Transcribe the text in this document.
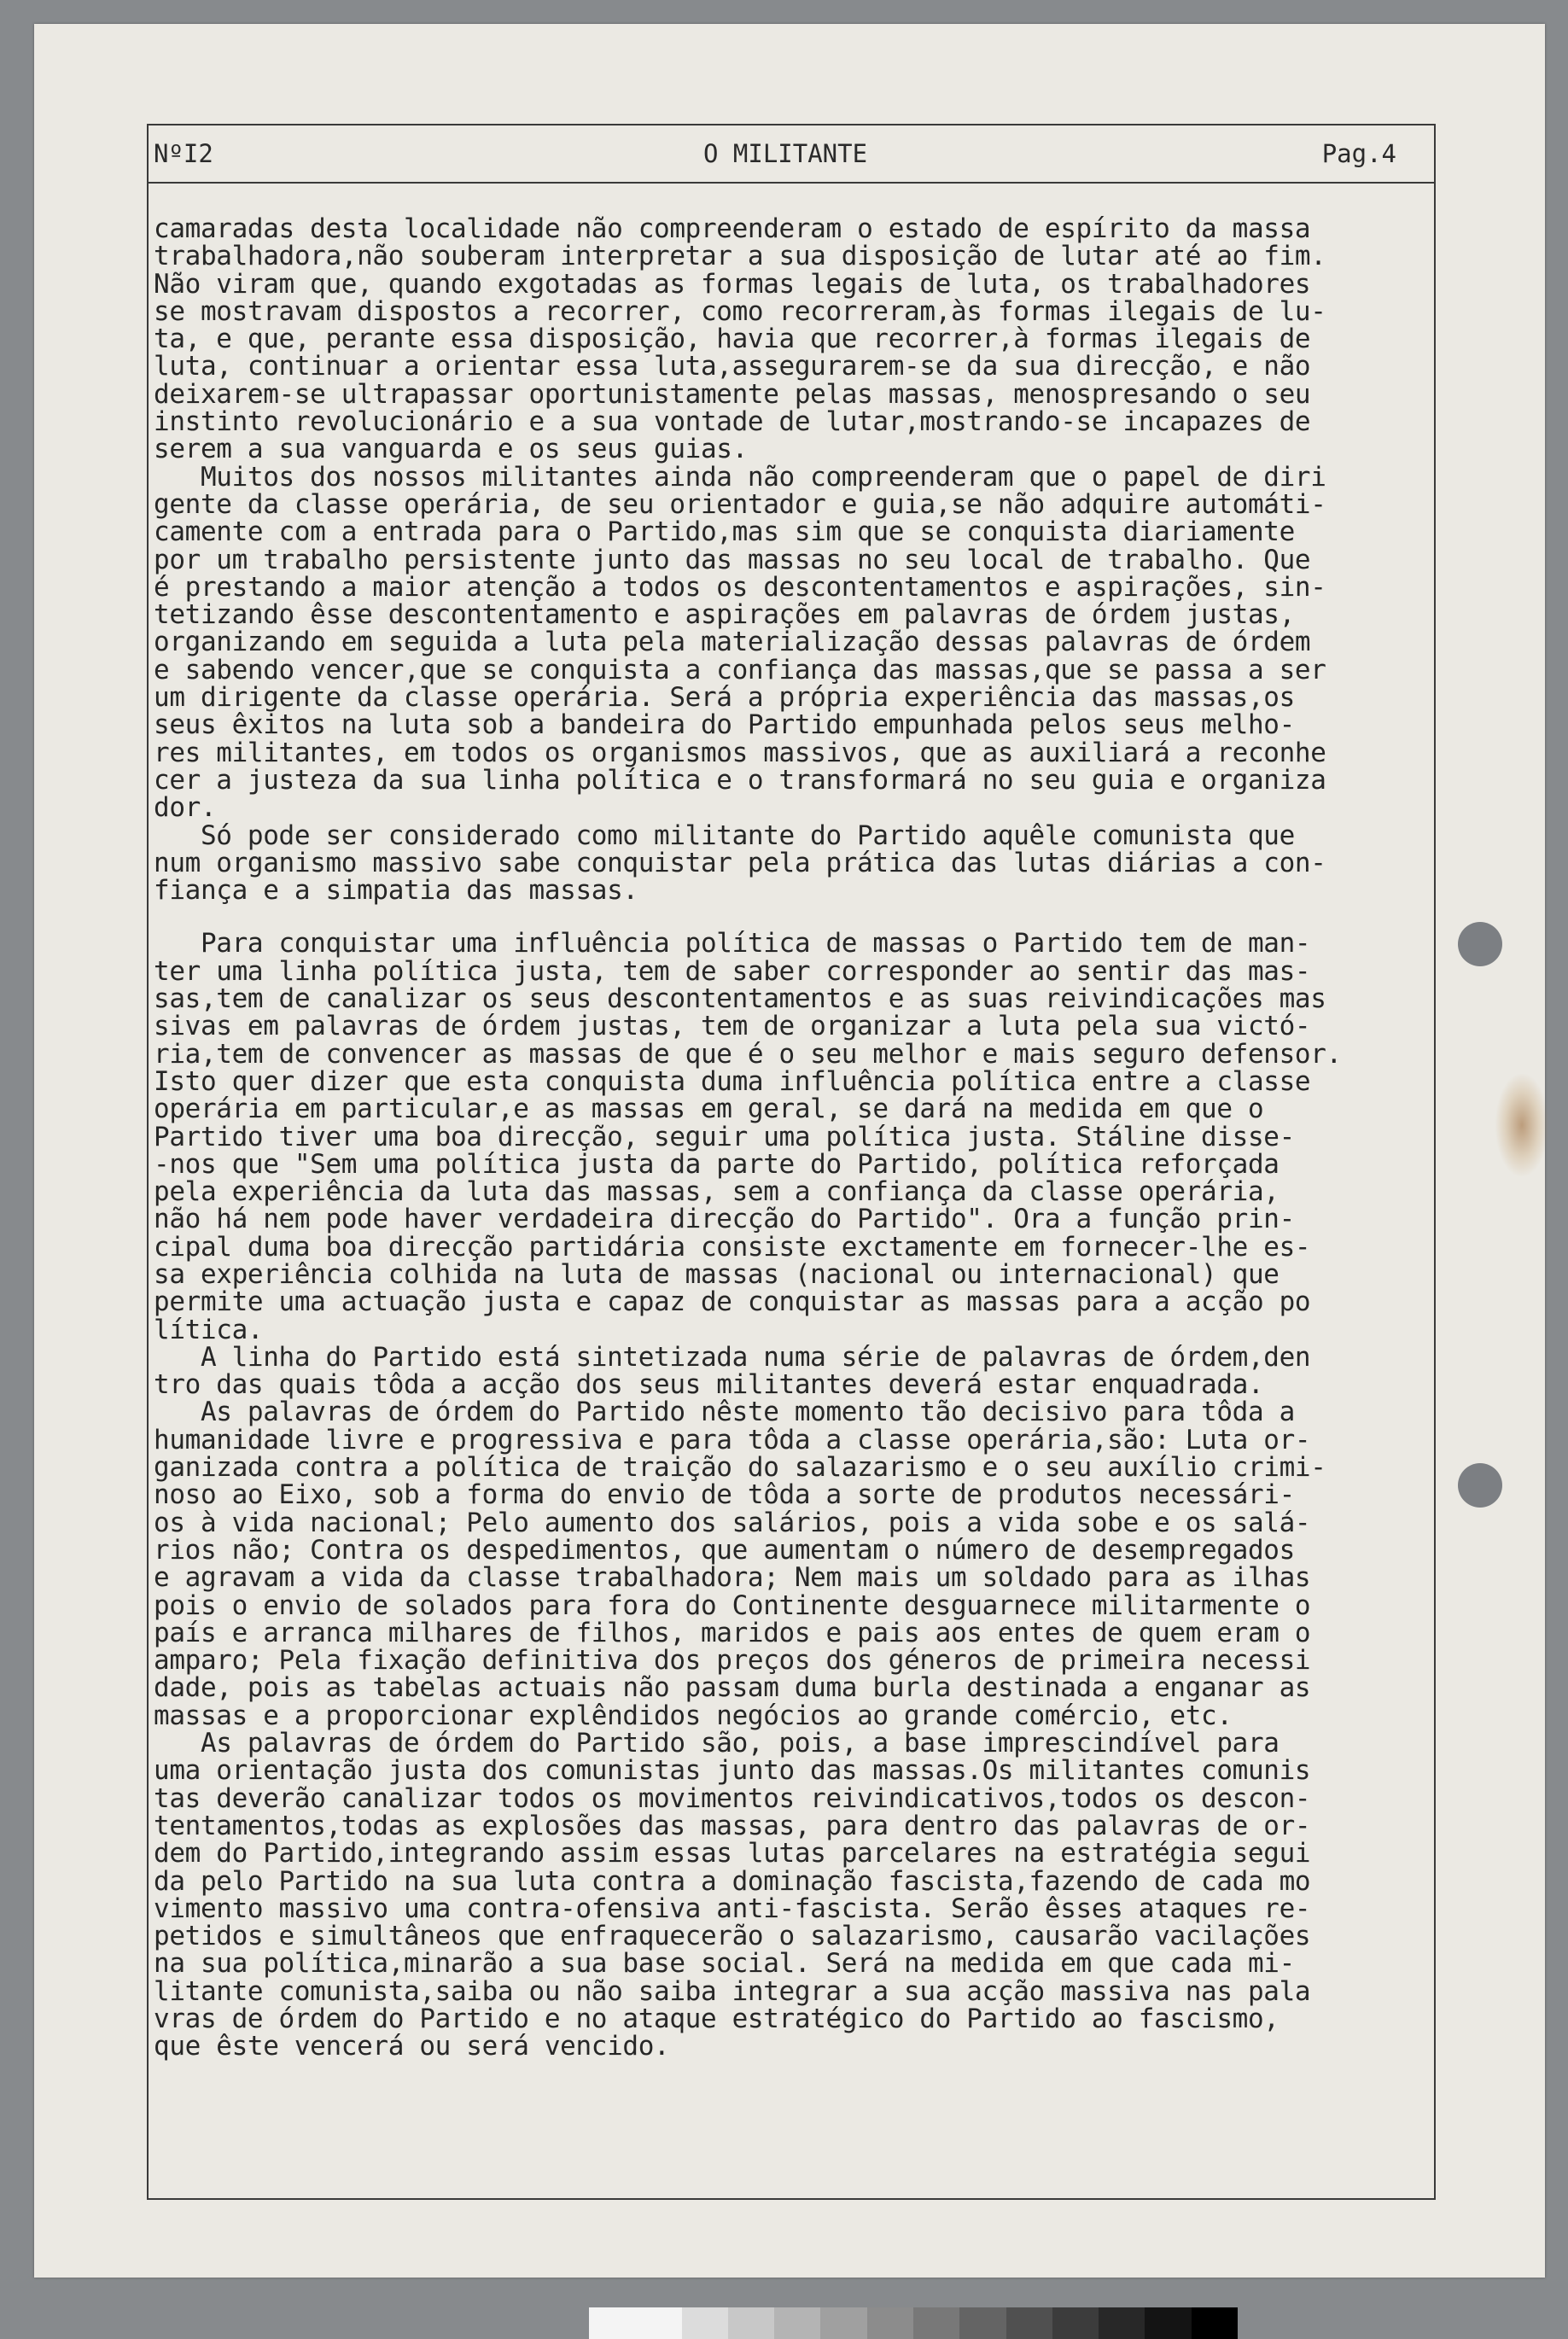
NºI2	O MILITANTE	Pag.4
camaradas desta localidade não compreenderam o estado de espírito da massa
trabalhadora,não souberam interpretar a sua disposição de lutar até ao fim.
Não viram que, quando exgotadas as formas legais de luta, os trabalhadores
se mostravam dispostos a recorrer, como recorreram,às formas ilegais de lu-
ta, e que, perante essa disposição, havia que recorrer,à formas ilegais de
luta, continuar a orientar essa luta,assegurarem-se da sua direcção, e não
deixarem-se ultrapassar oportunistamente pelas massas, menospresando o seu
instinto revolucionário e a sua vontade de lutar,mostrando-se incapazes de
serem a sua vanguarda e os seus guias.
Muitos dos nossos militantes ainda não compreenderam que o papel de diri
gente da classe operária, de seu orientador e guia,se não adquire automáti-
camente com a entrada para o Partido,mas sim que se conquista diariamente
por um trabalho persistente junto das massas no seu local de trabalho. Que
é prestando a maior atenção a todos os descontentamentos e aspirações, sin-
tetizando êsse descontentamento e aspirações em palavras de órdem justas,
organizando em seguida a luta pela materialização dessas palavras de órdem
e sabendo vencer,que se conquista a confiança das massas,que se passa a ser
um dirigente da classe operária. Será a própria experiência das massas,os
seus êxitos na luta sob a bandeira do Partido empunhada pelos seus melho-
res militantes, em todos os organismos massivos, que as auxiliará a reconhe
cer a justeza da sua linha política e o transformará no seu guia e organiza
dor.
Só pode ser considerado como militante do Partido aquêle comunista que
num organismo massivo sabe conquistar pela prática das lutas diárias a con-
fiança e a simpatia das massas.
Para conquistar uma influência política de massas o Partido tem de man-
ter uma linha política justa, tem de saber corresponder ao sentir das mas-
sas,tem de canalizar os seus descontentamentos e as suas reivindicações mas
sivas em palavras de órdem justas, tem de organizar a luta pela sua victó-
ria,tem de convencer as massas de que é o seu melhor e mais seguro defensor.
Isto quer dizer que esta conquista duma influência política entre a classe
operária em particular,e as massas em geral, se dará na medida em que o
Partido tiver uma boa direcção, seguir uma política justa. Stáline disse-
-nos que "Sem uma política justa da parte do Partido, política reforçada
pela experiência da luta das massas, sem a confiança da classe operária,
não há nem pode haver verdadeira direcção do Partido". Ora a função prin-
cipal duma boa direcção partidária consiste exctamente em fornecer-lhe es-
sa experiência colhida na luta de massas (nacional ou internacional) que
permite uma actuação justa e capaz de conquistar as massas para a acção po
lítica.
A linha do Partido está sintetizada numa série de palavras de órdem,den
tro das quais tôda a acção dos seus militantes deverá estar enquadrada.
As palavras de órdem do Partido nêste momento tão decisivo para tôda a
humanidade livre e progressiva e para tôda a classe operária,são: Luta or-
ganizada contra a política de traição do salazarismo e o seu auxílio crimi-
noso ao Eixo, sob a forma do envio de tôda a sorte de produtos necessári-
os à vida nacional; Pelo aumento dos salários, pois a vida sobe e os salá-
rios não; Contra os despedimentos, que aumentam o número de desempregados
e agravam a vida da classe trabalhadora; Nem mais um soldado para as ilhas
pois o envio de solados para fora do Continente desguarnece militarmente o
país e arranca milhares de filhos, maridos e pais aos entes de quem eram o
amparo; Pela fixação definitiva dos preços dos géneros de primeira necessi
dade, pois as tabelas actuais não passam duma burla destinada a enganar as
massas e a proporcionar explêndidos negócios ao grande comércio, etc.
As palavras de órdem do Partido são, pois, a base imprescindível para
uma orientação justa dos comunistas junto das massas.Os militantes comunis
tas deverão canalizar todos os movimentos reivindicativos,todos os descon-
tentamentos,todas as explosões das massas, para dentro das palavras de or-
dem do Partido,integrando assim essas lutas parcelares na estratégia segui
da pelo Partido na sua luta contra a dominação fascista,fazendo de cada mo
vimento massivo uma contra-ofensiva anti-fascista. Serão êsses ataques re-
petidos e simultâneos que enfraquecerão o salazarismo, causarão vacilações
na sua política,minarão a sua base social. Será na medida em que cada mi-
litante comunista,saiba ou não saiba integrar a sua acção massiva nas pala
vras de órdem do Partido e no ataque estratégico do Partido ao fascismo,
que êste vencerá ou será vencido.
